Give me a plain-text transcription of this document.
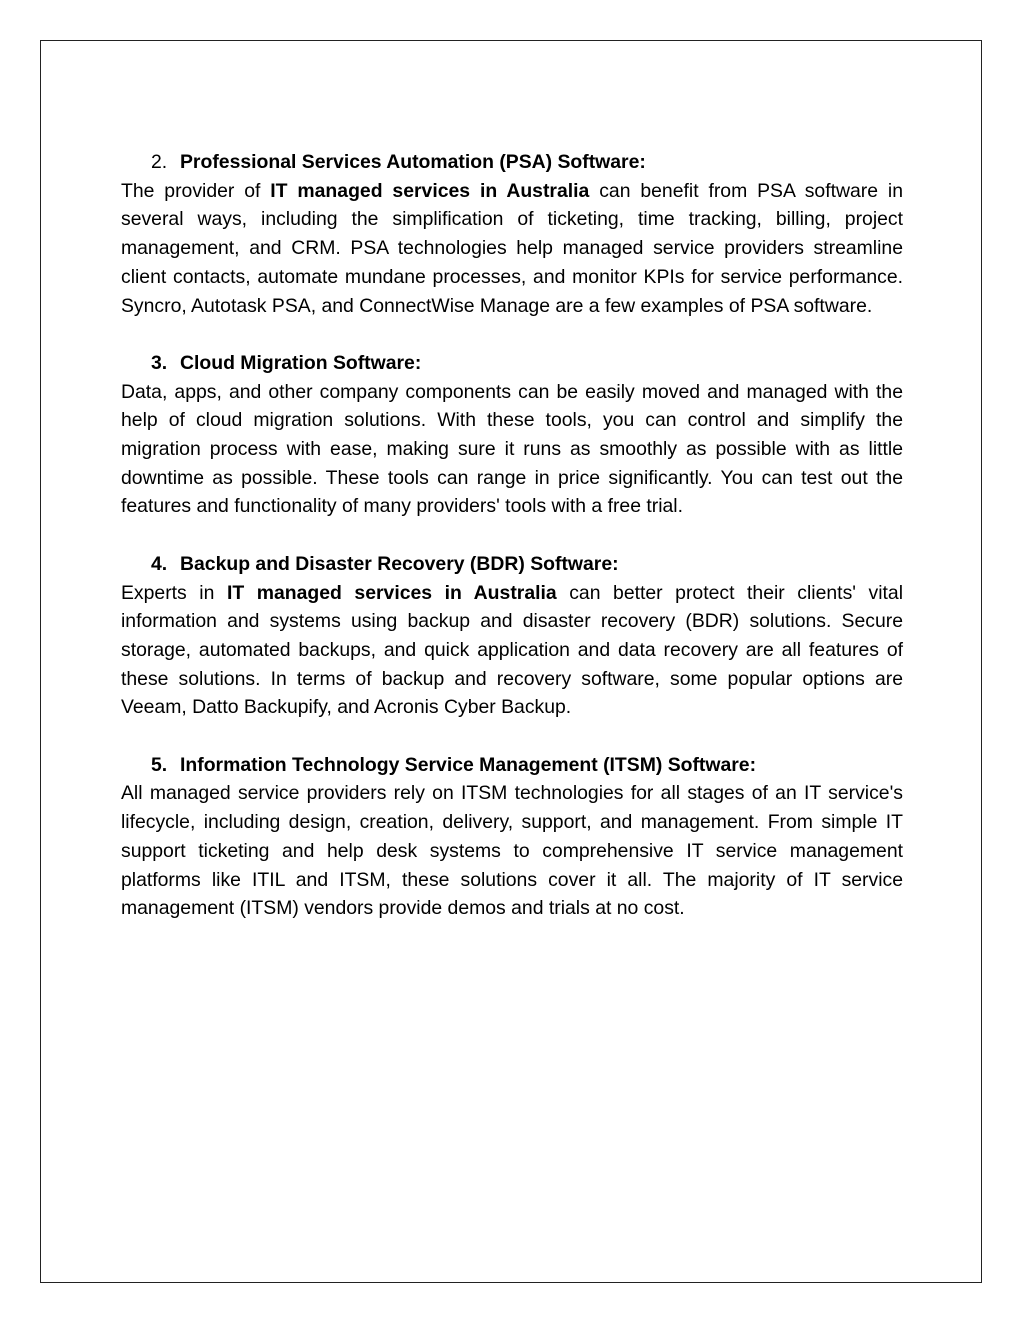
2. Professional Services Automation (PSA) Software:

The provider of IT managed services in Australia can benefit from PSA software in several ways, including the simplification of ticketing, time tracking, billing, project management, and CRM. PSA technologies help managed service providers streamline client contacts, automate mundane processes, and monitor KPIs for service performance. Syncro, Autotask PSA, and ConnectWise Manage are a few examples of PSA software.

3. Cloud Migration Software:

Data, apps, and other company components can be easily moved and managed with the help of cloud migration solutions. With these tools, you can control and simplify the migration process with ease, making sure it runs as smoothly as possible with as little downtime as possible. These tools can range in price significantly. You can test out the features and functionality of many providers' tools with a free trial.

4. Backup and Disaster Recovery (BDR) Software:

Experts in IT managed services in Australia can better protect their clients' vital information and systems using backup and disaster recovery (BDR) solutions. Secure storage, automated backups, and quick application and data recovery are all features of these solutions. In terms of backup and recovery software, some popular options are Veeam, Datto Backupify, and Acronis Cyber Backup.

5. Information Technology Service Management (ITSM) Software:

All managed service providers rely on ITSM technologies for all stages of an IT service's lifecycle, including design, creation, delivery, support, and management. From simple IT support ticketing and help desk systems to comprehensive IT service management platforms like ITIL and ITSM, these solutions cover it all. The majority of IT service management (ITSM) vendors provide demos and trials at no cost.
